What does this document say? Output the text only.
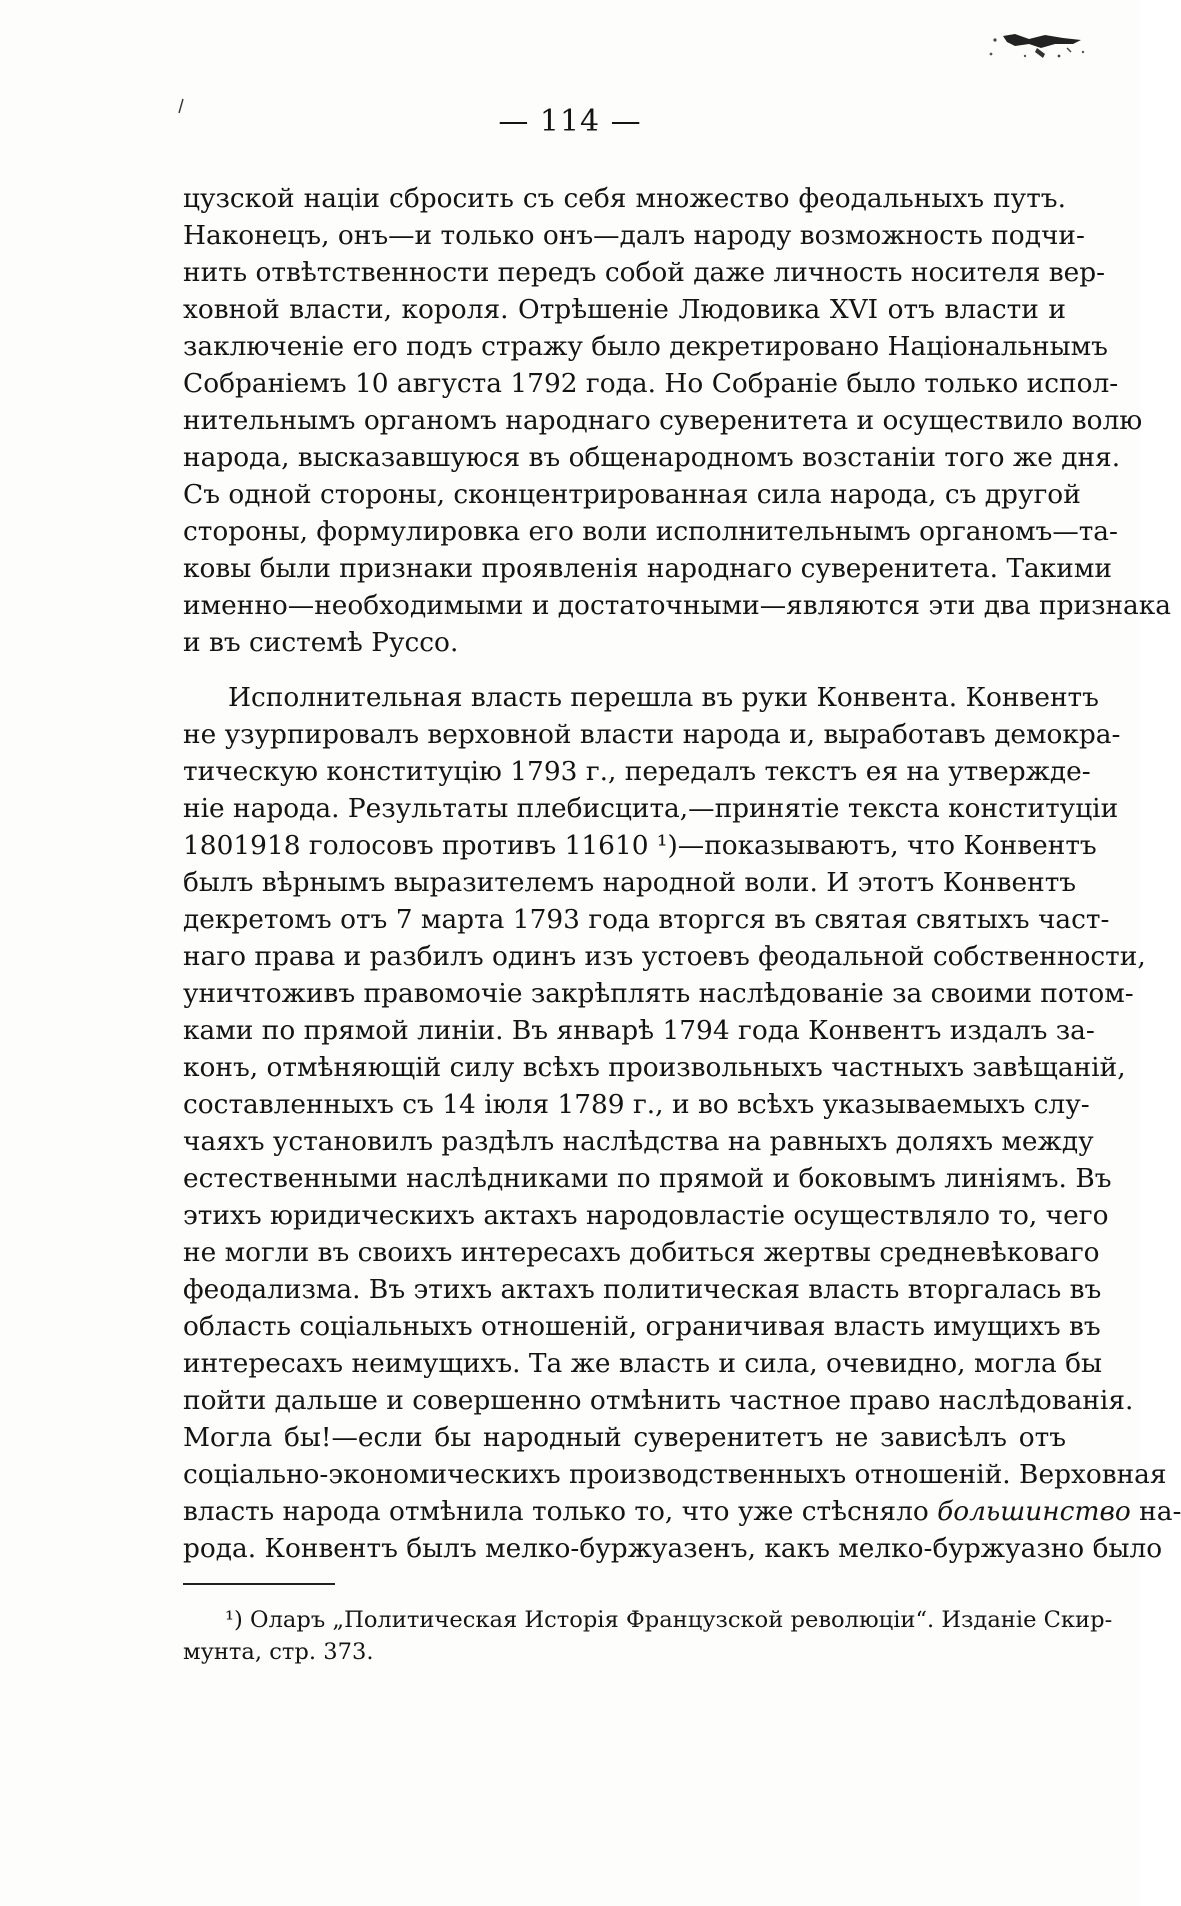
— 114 —
цузской націи сбросить съ себя множество феодальныхъ путъ.
Наконецъ, онъ—и только онъ—далъ народу возможность подчи-
нить отвѣтственности передъ собой даже личность носителя вер-
ховной власти, короля. Отрѣшеніе Людовика XVI отъ власти и
заключеніе его подъ стражу было декретировано Національнымъ
Собраніемъ 10 августа 1792 года. Но Собраніе было только испол-
нительнымъ органомъ народнаго суверенитета и осуществило волю
народа, высказавшуюся въ общенародномъ возстаніи того же дня.
Съ одной стороны, сконцентрированная сила народа, съ другой
стороны, формулировка его воли исполнительнымъ органомъ—та-
ковы были признаки проявленія народнаго суверенитета. Такими
именно—необходимыми и достаточными—являются эти два признака
и въ системѣ Руссо.
Исполнительная власть перешла въ руки Конвента. Конвентъ
не узурпировалъ верховной власти народа и, выработавъ демокра-
тическую конституцію 1793 г., передалъ текстъ ея на утвержде-
ніе народа. Результаты плебисцита,—принятіе текста конституціи
1801918 голосовъ противъ 11610 ¹)—показываютъ, что Конвентъ
былъ вѣрнымъ выразителемъ народной воли. И этотъ Конвентъ
декретомъ отъ 7 марта 1793 года вторгся въ святая святыхъ част-
наго права и разбилъ одинъ изъ устоевъ феодальной собственности,
уничтоживъ правомочіе закрѣплять наслѣдованіе за своими потом-
ками по прямой линіи. Въ январѣ 1794 года Конвентъ издалъ за-
конъ, отмѣняющій силу всѣхъ произвольныхъ частныхъ завѣщаній,
составленныхъ съ 14 іюля 1789 г., и во всѣхъ указываемыхъ слу-
чаяхъ установилъ раздѣлъ наслѣдства на равныхъ доляхъ между
естественными наслѣдниками по прямой и боковымъ линіямъ. Въ
этихъ юридическихъ актахъ народовластіе осуществляло то, чего
не могли въ своихъ интересахъ добиться жертвы средневѣковаго
феодализма. Въ этихъ актахъ политическая власть вторгалась въ
область соціальныхъ отношеній, ограничивая власть имущихъ въ
интересахъ неимущихъ. Та же власть и сила, очевидно, могла бы
пойти дальше и совершенно отмѣнить частное право наслѣдованія.
Могла бы!—если бы народный суверенитетъ не зависѣлъ отъ
соціально-экономическихъ производственныхъ отношеній. Верховная
власть народа отмѣнила только то, что уже стѣсняло большинство на-
рода. Конвентъ былъ мелко-буржуазенъ, какъ мелко-буржуазно было
¹) Оларъ „Политическая Исторія Французской революціи“. Изданіе Скир-
мунта, стр. 373.
